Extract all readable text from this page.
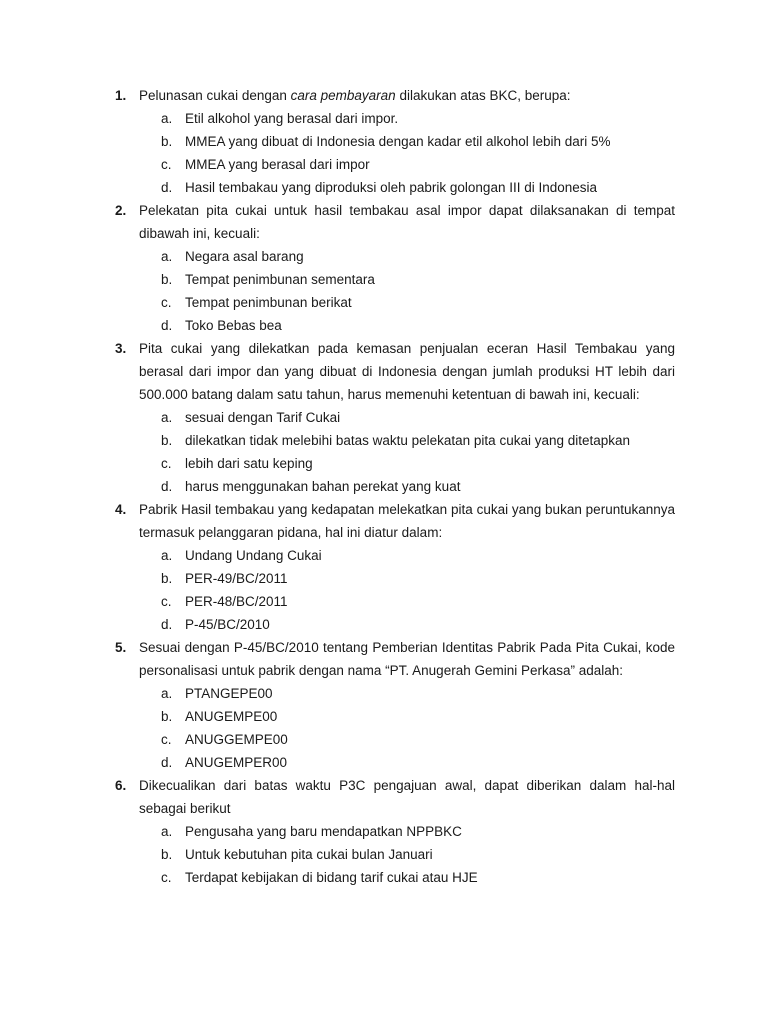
1. Pelunasan cukai dengan cara pembayaran dilakukan atas BKC, berupa:
a. Etil alkohol yang berasal dari impor.
b. MMEA yang dibuat di Indonesia dengan kadar etil alkohol lebih dari 5%
c. MMEA yang berasal dari impor
d. Hasil tembakau yang diproduksi oleh pabrik golongan III di Indonesia
2. Pelekatan pita cukai untuk hasil tembakau asal impor dapat dilaksanakan di tempat dibawah ini, kecuali:
a. Negara asal barang
b. Tempat penimbunan sementara
c. Tempat penimbunan berikat
d. Toko Bebas bea
3. Pita cukai yang dilekatkan pada kemasan penjualan eceran Hasil Tembakau yang berasal dari impor dan yang dibuat di Indonesia dengan jumlah produksi HT lebih dari 500.000 batang dalam satu tahun, harus memenuhi ketentuan di bawah ini, kecuali:
a. sesuai dengan Tarif Cukai
b. dilekatkan tidak melebihi batas waktu pelekatan pita cukai yang ditetapkan
c. lebih dari satu keping
d. harus menggunakan bahan perekat yang kuat
4. Pabrik Hasil tembakau yang kedapatan melekatkan pita cukai yang bukan peruntukannya termasuk pelanggaran pidana, hal ini diatur dalam:
a. Undang Undang Cukai
b. PER-49/BC/2011
c. PER-48/BC/2011
d. P-45/BC/2010
5. Sesuai dengan P-45/BC/2010 tentang Pemberian Identitas Pabrik Pada Pita Cukai, kode personalisasi untuk pabrik dengan nama “PT. Anugerah Gemini Perkasa” adalah:
a. PTANGEPE00
b. ANUGEMPE00
c. ANUGGEMPE00
d. ANUGEMPER00
6. Dikecualikan dari batas waktu P3C pengajuan awal, dapat diberikan dalam hal-hal sebagai berikut
a. Pengusaha yang baru mendapatkan NPPBKC
b. Untuk kebutuhan pita cukai bulan Januari
c. Terdapat kebijakan di bidang tarif cukai atau HJE
